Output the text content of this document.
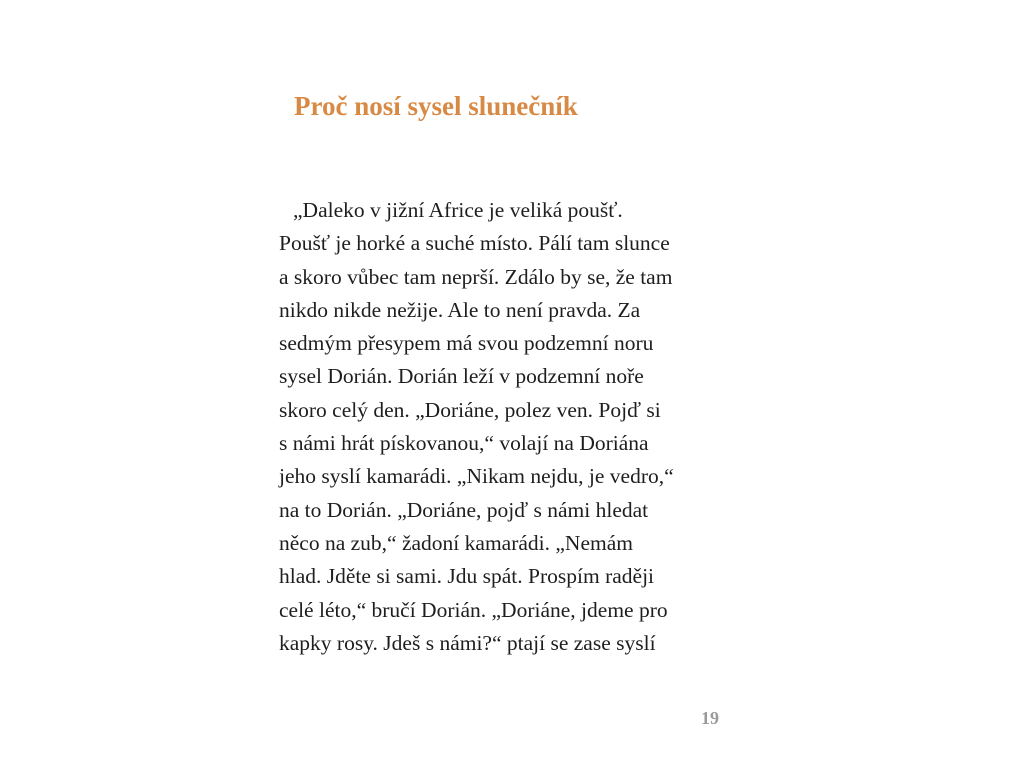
Proč nosí sysel slunečník
„Daleko v jižní Africe je veliká poušť.
Poušť je horké a suché místo. Pálí tam slunce
a skoro vůbec tam neprší. Zdálo by se, že tam
nikdo nikde nežije. Ale to není pravda. Za
sedmým přesypem má svou podzemní noru
sysel Dorián. Dorián leží v podzemní noře
skoro celý den. „Doriáne, polez ven. Pojď si
s námi hrát pískovanou,“ volají na Doriána
jeho syslí kamarádi. „Nikam nejdu, je vedro,“
na to Dorián. „Doriáne, pojď s námi hledat
něco na zub,“ žadoní kamarádi. „Nemám
hlad. Jděte si sami. Jdu spát. Prospím raději
celé léto,“ bručí Dorián. „Doriáne, jdeme pro
kapky rosy. Jdeš s námi?“ ptají se zase syslí
19
